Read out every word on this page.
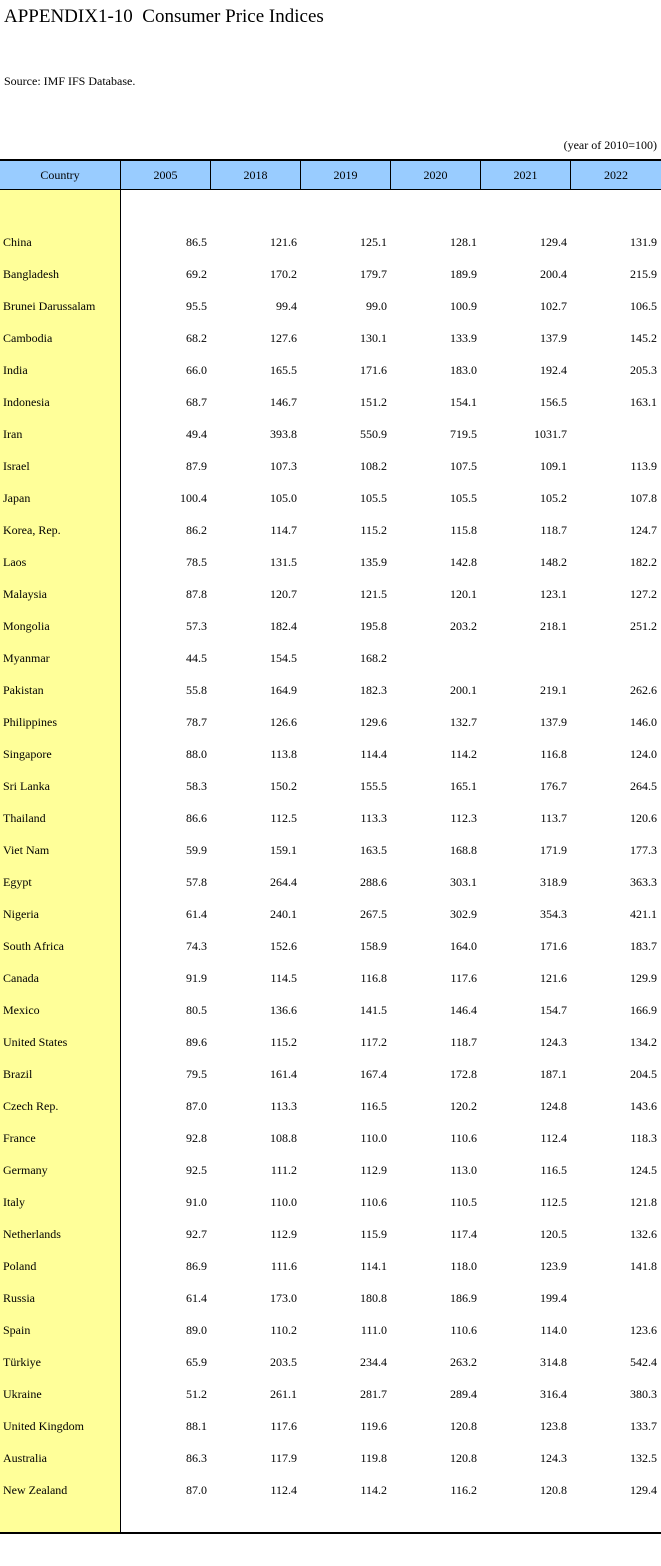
APPENDIX1-10  Consumer Price Indices
Source: IMF IFS Database.
(year of 2010=100)
Country	2005	2018	2019	2020	2021	2022
China	86.5	121.6	125.1	128.1	129.4	131.9
Bangladesh	69.2	170.2	179.7	189.9	200.4	215.9
Brunei Darussalam	95.5	99.4	99.0	100.9	102.7	106.5
Cambodia	68.2	127.6	130.1	133.9	137.9	145.2
India	66.0	165.5	171.6	183.0	192.4	205.3
Indonesia	68.7	146.7	151.2	154.1	156.5	163.1
Iran	49.4	393.8	550.9	719.5	1031.7
Israel	87.9	107.3	108.2	107.5	109.1	113.9
Japan	100.4	105.0	105.5	105.5	105.2	107.8
Korea, Rep.	86.2	114.7	115.2	115.8	118.7	124.7
Laos	78.5	131.5	135.9	142.8	148.2	182.2
Malaysia	87.8	120.7	121.5	120.1	123.1	127.2
Mongolia	57.3	182.4	195.8	203.2	218.1	251.2
Myanmar	44.5	154.5	168.2
Pakistan	55.8	164.9	182.3	200.1	219.1	262.6
Philippines	78.7	126.6	129.6	132.7	137.9	146.0
Singapore	88.0	113.8	114.4	114.2	116.8	124.0
Sri Lanka	58.3	150.2	155.5	165.1	176.7	264.5
Thailand	86.6	112.5	113.3	112.3	113.7	120.6
Viet Nam	59.9	159.1	163.5	168.8	171.9	177.3
Egypt	57.8	264.4	288.6	303.1	318.9	363.3
Nigeria	61.4	240.1	267.5	302.9	354.3	421.1
South Africa	74.3	152.6	158.9	164.0	171.6	183.7
Canada	91.9	114.5	116.8	117.6	121.6	129.9
Mexico	80.5	136.6	141.5	146.4	154.7	166.9
United States	89.6	115.2	117.2	118.7	124.3	134.2
Brazil	79.5	161.4	167.4	172.8	187.1	204.5
Czech Rep.	87.0	113.3	116.5	120.2	124.8	143.6
France	92.8	108.8	110.0	110.6	112.4	118.3
Germany	92.5	111.2	112.9	113.0	116.5	124.5
Italy	91.0	110.0	110.6	110.5	112.5	121.8
Netherlands	92.7	112.9	115.9	117.4	120.5	132.6
Poland	86.9	111.6	114.1	118.0	123.9	141.8
Russia	61.4	173.0	180.8	186.9	199.4
Spain	89.0	110.2	111.0	110.6	114.0	123.6
Türkiye	65.9	203.5	234.4	263.2	314.8	542.4
Ukraine	51.2	261.1	281.7	289.4	316.4	380.3
United Kingdom	88.1	117.6	119.6	120.8	123.8	133.7
Australia	86.3	117.9	119.8	120.8	124.3	132.5
New Zealand	87.0	112.4	114.2	116.2	120.8	129.4
